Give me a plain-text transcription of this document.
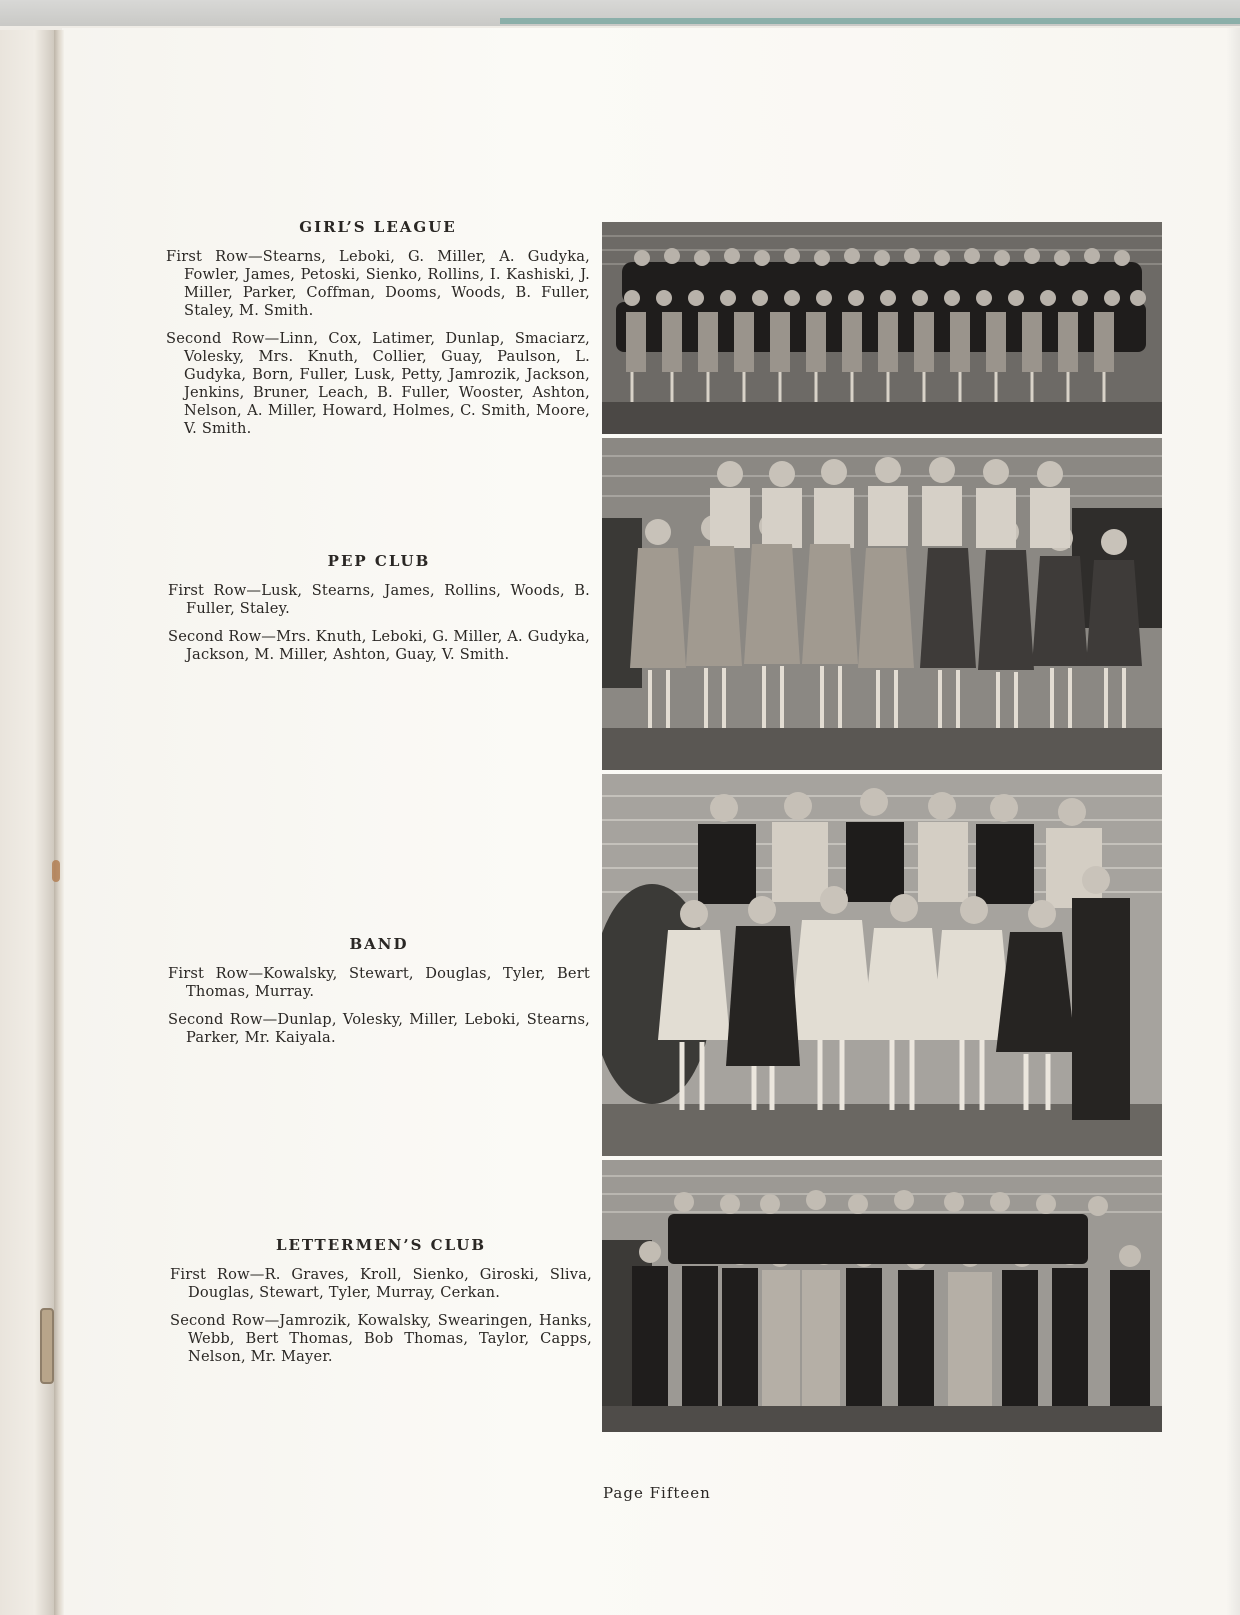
GIRL’S LEAGUE

First Row—Stearns, Leboki, G. Miller, A. Gudyka, Fowler, James, Petoski, Sienko, Rollins, I. Kashiski, J. Miller, Parker, Coffman, Dooms, Woods, B. Fuller, Staley, M. Smith.

Second Row—Linn, Cox, Latimer, Dunlap, Smaciarz, Volesky, Mrs. Knuth, Collier, Guay, Paulson, L. Gudyka, Born, Fuller, Lusk, Petty, Jamrozik, Jackson, Jenkins, Bruner, Leach, B. Fuller, Wooster, Ashton, Nelson, A. Miller, Howard, Holmes, C. Smith, Moore, V. Smith.

PEP CLUB

First Row—Lusk, Stearns, James, Rollins, Woods, B. Fuller, Staley.

Second Row—Mrs. Knuth, Leboki, G. Miller, A. Gudyka, Jackson, M. Miller, Ashton, Guay, V. Smith.

BAND

First Row—Kowalsky, Stewart, Douglas, Tyler, Bert Thomas, Murray.

Second Row—Dunlap, Volesky, Miller, Leboki, Stearns, Parker, Mr. Kaiyala.

LETTERMEN’S CLUB

First Row—R. Graves, Kroll, Sienko, Giroski, Sliva, Douglas, Stewart, Tyler, Murray, Cerkan.

Second Row—Jamrozik, Kowalsky, Swearingen, Hanks, Webb, Bert Thomas, Bob Thomas, Taylor, Capps, Nelson, Mr. Mayer.

Page Fifteen
